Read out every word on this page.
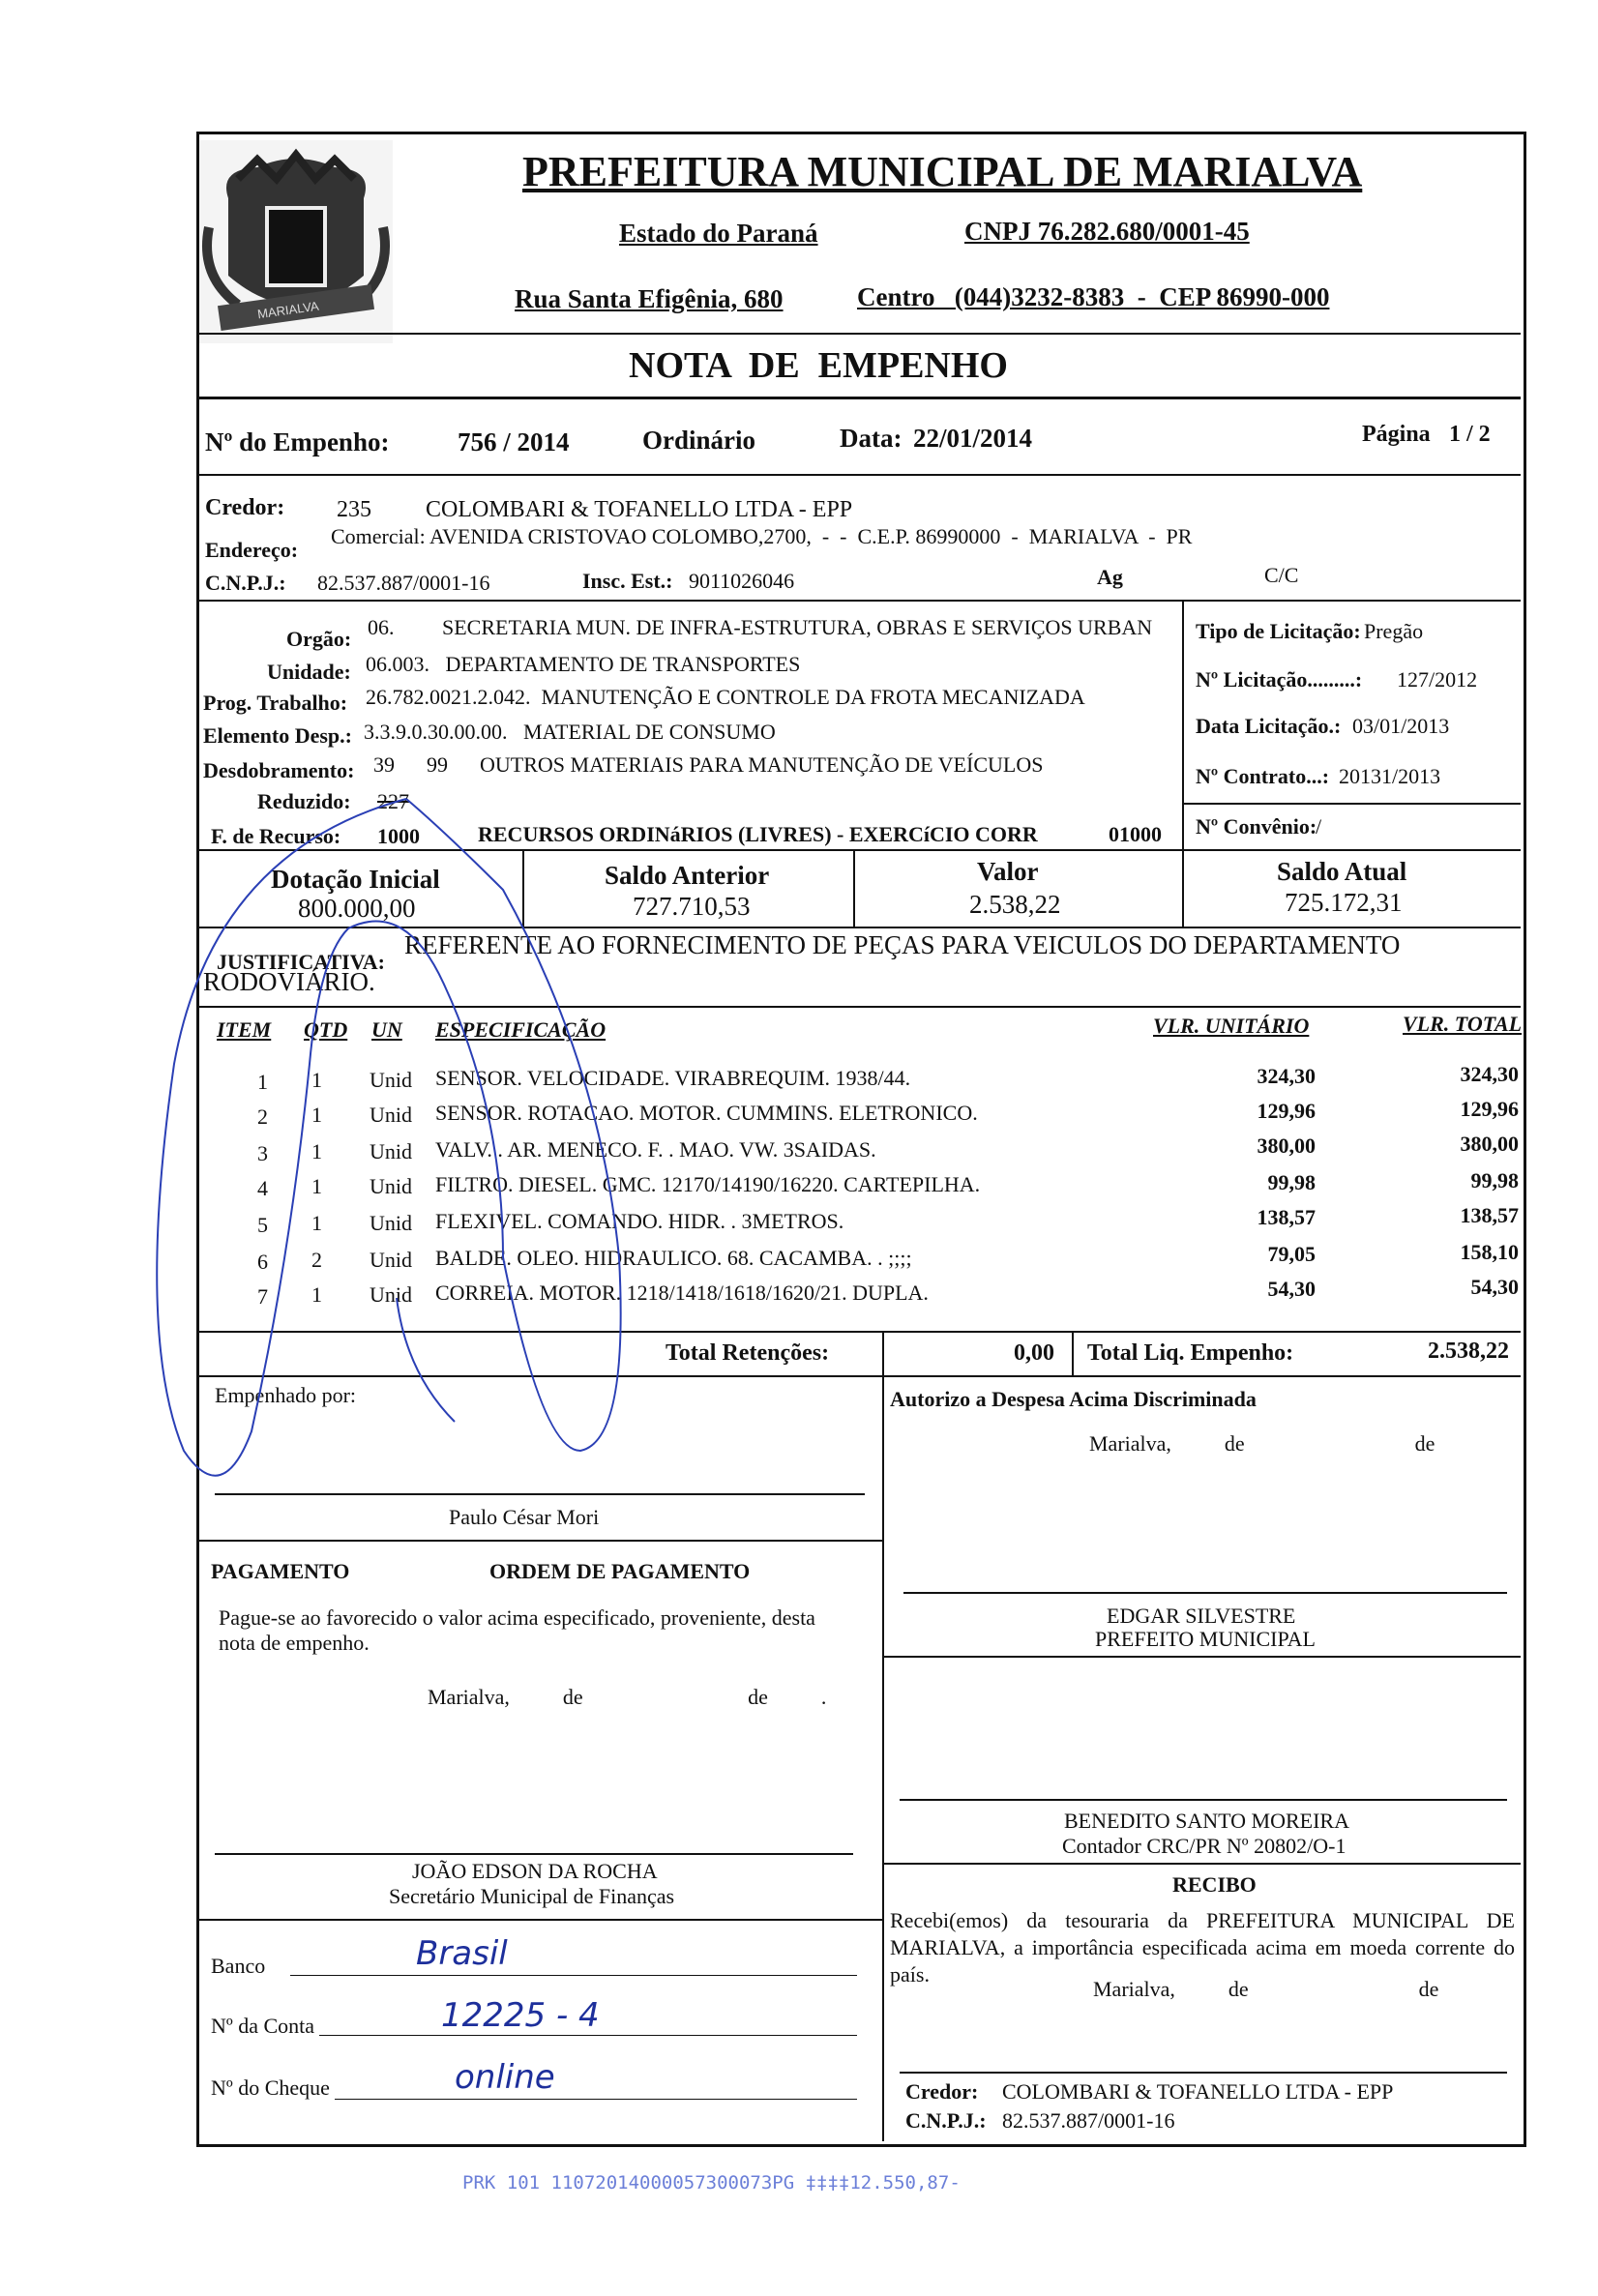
MARIALVA
PREFEITURA MUNICIPAL DE MARIALVA
Estado do Paraná	CNPJ 76.282.680/0001-45
Rua Santa Efigênia, 680	Centro   (044)3232-8383  -  CEP 86990-000
NOTA  DE  EMPENHO
Nº do Empenho:	756 / 2014	Ordinário	Data: 22/01/2014	Página 1 / 2
Credor: 235 COLOMBARI & TOFANELLO LTDA - EPP
Endereço:
Comercial: AVENIDA CRISTOVAO COLOMBO,2700,  -  -  C.E.P. 86990000  -  MARIALVA  -  PR
C.N.P.J.: 82.537.887/0001-16	Insc. Est.: 9011026046	Ag	C/C
Orgão: 06.         SECRETARIA MUN. DE INFRA-ESTRUTURA, OBRAS E SERVIÇOS URBAN
Unidade: 06.003.   DEPARTAMENTO DE TRANSPORTES
Prog. Trabalho: 26.782.0021.2.042.  MANUTENÇÃO E CONTROLE DA FROTA MECANIZADA
Elemento Desp.: 3.3.9.0.30.00.00.   MATERIAL DE CONSUMO
Desdobramento: 39      99      OUTROS MATERIAIS PARA MANUTENÇÃO DE VEÍCULOS
Reduzido: 227
F. de Recurso: 1000	RECURSOS ORDINáRIOS (LIVRES) - EXERCíCIO CORR	01000
Tipo de Licitação: Pregão
Nº Licitação.........: 127/2012
Data Licitação.: 03/01/2013
Nº Contrato...: 20131/2013
Nº Convênio:
/
Dotação Inicial
800.000,00
Saldo Anterior
727.710,53
Valor
2.538,22
Saldo Atual
725.172,31
JUSTIFICATIVA:
REFERENTE AO FORNECIMENTO DE PEÇAS PARA VEICULOS DO DEPARTAMENTO
RODOVIÁRIO.
ITEM QTD UN ESPECIFICAÇÃO	VLR. UNITÁRIO	VLR. TOTAL
1 1 Unid SENSOR. VELOCIDADE. VIRABREQUIM. 1938/44.	324,30	324,30
2 1 Unid SENSOR. ROTACAO. MOTOR. CUMMINS. ELETRONICO.	129,96	129,96
3 1 Unid VALV. . AR. MENECO. F. . MAO. VW. 3SAIDAS.	380,00	380,00
4 1 Unid FILTRO. DIESEL. GMC. 12170/14190/16220. CARTEPILHA.	99,98	99,98
5 1 Unid FLEXIVEL. COMANDO. HIDR. . 3METROS.	138,57	138,57
6 2 Unid BALDE. OLEO. HIDRAULICO. 68. CACAMBA. . ;;;;	79,05	158,10
7 1 Unid CORREIA. MOTOR. 1218/1418/1618/1620/21. DUPLA.	54,30	54,30
Total Retenções:	0,00 Total Liq. Empenho:	2.538,22
Empenhado por:
Paulo César Mori
PAGAMENTO	ORDEM DE PAGAMENTO
Pague-se ao favorecido o valor acima especificado, proveniente, desta nota de empenho.
Marialva,          de                               de          .
JOÃO EDSON DA ROCHA
Secretário Municipal de Finanças
Banco	Brasil
Nº da Conta	12225 - 4
Nº do Cheque	online
Autorizo a Despesa Acima Discriminada
Marialva,          de                                de
EDGAR SILVESTRE
PREFEITO MUNICIPAL
BENEDITO SANTO MOREIRA
Contador CRC/PR Nº 20802/O-1
RECIBO
Recebi(emos) da tesouraria da PREFEITURA MUNICIPAL DE MARIALVA, a importância especificada acima em moeda corrente do país.
Marialva,          de                                de
Credor: COLOMBARI & TOFANELLO LTDA - EPP
C.N.P.J.: 82.537.887/0001-16
PRK 101 11072014000057300073PG ‡‡‡‡12.550,87-
